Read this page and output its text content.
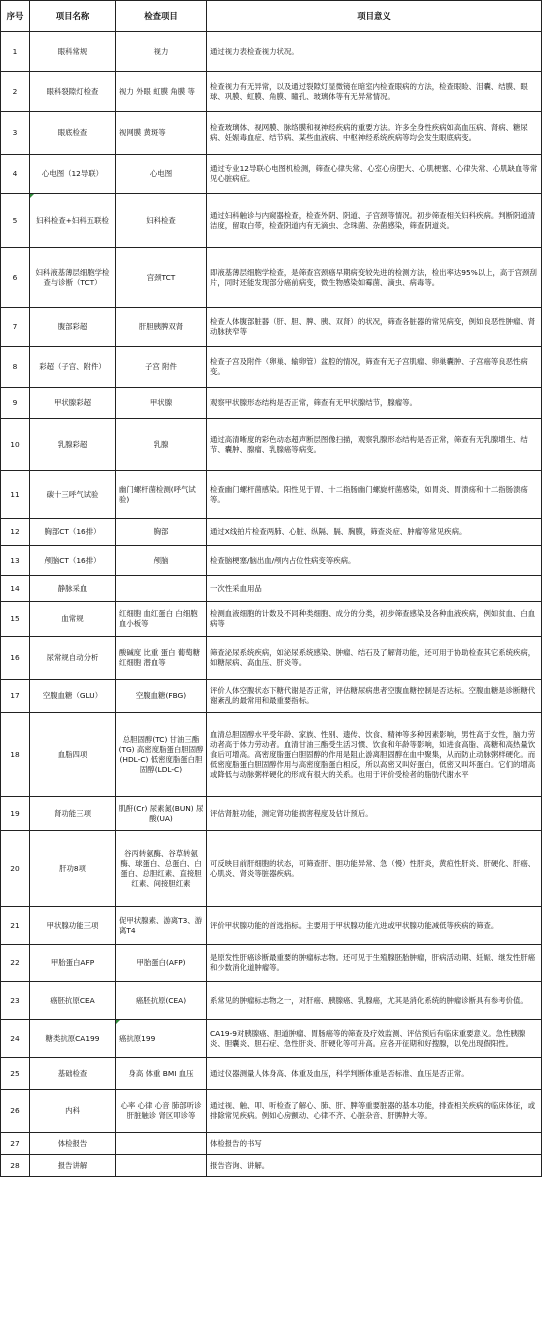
序号	项目名称	检查项目	项目意义
1	眼科常规	视力	通过视力表检查视力状况。
2	眼科裂隙灯检查	视力 外眼 虹膜 角膜 等	检查视力有无异常，以及通过裂隙灯显微镜在暗室内检查眼病的方法，检查眼睑、泪囊、结膜、眼球、巩膜、虹膜、角膜、瞳孔、玻璃体等有无异常情况。
3	眼底检查	视网膜 黄斑等	检查玻璃体、视网膜、脉络膜和视神经疾病的重要方法。许多全身性疾病如高血压病、肾病、糖尿病、妊娠毒血症、结节病、某些血液病、中枢神经系统疾病等均会发生眼底病变。
4	心电图（12导联）	心电图	通过专业12导联心电图机检测，筛查心律失常、心室心房肥大、心肌梗塞、心律失常、心肌缺血等常见心脏病症。
5	妇科检查+妇科五联检	妇科检查	通过妇科触诊与内窥器检查，检查外阴、阴道、子宫颈等情况。初步筛查相关妇科疾病。判断阴道清洁度，留取白带，检查阴道内有无滴虫、念珠菌、杂菌感染，筛查阴道炎。
6	妇科液基薄层细胞学检查与诊断（TCT）	宫颈TCT	即液基薄层细胞学检查，是筛查宫颈癌早期病变较先进的检测方法，检出率达95%以上，高于宫颈刮片，同时还能发现部分癌前病变，微生物感染如霉菌、滴虫、病毒等。
7	腹部彩超	肝胆胰脾双肾	检查人体腹部脏器（肝、胆、脾、胰、双肾）的状况，筛查各脏器的常见病变，例如良恶性肿瘤、肾动脉狭窄等
8	彩超（子宫、附件）	子宫 附件	检查子宫及附件（卵巢、输卵管）盆腔的情况，筛查有无子宫肌瘤、卵巢囊肿、子宫癌等良恶性病变。
9	甲状腺彩超	甲状腺	观察甲状腺形态结构是否正常，筛查有无甲状腺结节，腺瘤等。
10	乳腺彩超	乳腺	通过高清晰度的彩色动态超声断层图像扫描，观察乳腺形态结构是否正常，筛查有无乳腺增生、结节、囊肿、腺瘤、乳腺癌等病变。
11	碳十三呼气试验	幽门螺杆菌检测(呼气试验)	检查幽门螺杆菌感染。阳性见于胃、十二指肠幽门螺旋杆菌感染，如胃炎、胃溃疡和十二指肠溃疡等。
12	胸部CT（16排）	胸部	通过X线拍片检查两肺、心脏、纵隔、膈、胸膜，筛查炎症、肿瘤等常见疾病。
13	颅脑CT（16排）	颅脑	检查脑梗塞/脑出血/颅内占位性病变等疾病。
14	静脉采血		一次性采血用品
15	血常规	红细胞 血红蛋白 白细胞 血小板等	检测血液细胞的计数及不同种类细胞、成分的分类，初步筛查感染及各种血液疾病，例如贫血、白血病等
16	尿常规自动分析	酸碱度 比重 蛋白 葡萄糖 红细胞 潜血等	筛查泌尿系统疾病，如泌尿系统感染、肿瘤、结石及了解肾功能，还可用于协助检查其它系统疾病，如糖尿病、高血压、肝炎等。
17	空腹血糖（GLU）	空腹血糖(FBG)	评价人体空腹状态下糖代谢是否正常，评估糖尿病患者空腹血糖控制是否达标。空腹血糖是诊断糖代谢紊乱的最常用和最重要指标。
18	血脂四项	总胆固醇(TC) 甘油三酯(TG) 高密度脂蛋白胆固醇(HDL-C) 低密度脂蛋白胆固醇(LDL-C)	血清总胆固醇水平受年龄、家族、性别、遗传、饮食、精神等多种因素影响，男性高于女性，脑力劳动者高于体力劳动者。血清甘油三酯受生活习惯、饮食和年龄等影响，如进食高脂、高糖和高热量饮食后可增高。高密度脂蛋白胆固醇的作用是阻止游离胆固醇在血中聚集，从而防止动脉粥样硬化。而低密度脂蛋白胆固醇作用与高密度脂蛋白相反，所以高密又叫好蛋白，低密又叫坏蛋白。它们的增高或降低与动脉粥样硬化的形成有很大的关系。也用于评价受检者的脂肪代谢水平
19	肾功能三项	肌酐(Cr) 尿素氮(BUN) 尿酸(UA)	评估肾脏功能，测定肾功能损害程度及估计预后。
20	肝功8项	谷丙转氨酶、谷草转氨酶、球蛋白、总蛋白、白蛋白、总胆红素、直接胆红素、间接胆红素	可反映目前肝细胞的状态，可筛查肝、胆功能异常、急（慢）性肝炎，黄疸性肝炎、肝硬化、肝癌、心肌炎、肾炎等脏器疾病。
21	甲状腺功能三项	促甲状腺素、游离T3、游离T4	评价甲状腺功能的首选指标。主要用于甲状腺功能亢进或甲状腺功能减低等疾病的筛查。
22	甲胎蛋白AFP	甲胎蛋白(AFP)	是原发性肝癌诊断最重要的肿瘤标志物。还可见于生殖腺胚胎肿瘤，肝病活动期、妊娠、继发性肝癌和少数消化道肿瘤等。
23	癌胚抗原CEA	癌胚抗原(CEA)	系常见的肿瘤标志物之一，对肝癌、胰腺癌、乳腺癌，尤其是消化系统的肿瘤诊断具有参考价值。
24	糖类抗原CA199	癌抗原199	CA19-9对胰腺癌、胆道肿瘤、胃肠癌等的筛查及疗效监测、评估预后有临床重要意义。急性胰腺炎、胆囊炎、胆石症、急性肝炎、肝硬化等可升高。应各开征期和好搜腺，以免出现假阳性。
25	基础检查	身高 体重 BMI 血压	通过仪器测量人体身高、体重及血压，科学判断体重是否标准、血压是否正常。
26	内科	心率 心律 心音 肺部听诊 肝脏触诊 肾区叩诊等	通过视、触、叩、听检查了解心、肺、肝、脾等重要脏器的基本功能，排查相关疾病的临床体征，或排除常见疾病。例如心房颤动、心律不齐、心脏杂音、肝脾肿大等。
27	体检报告		体检报告的书写
28	报告讲解		报告咨询、讲解。
